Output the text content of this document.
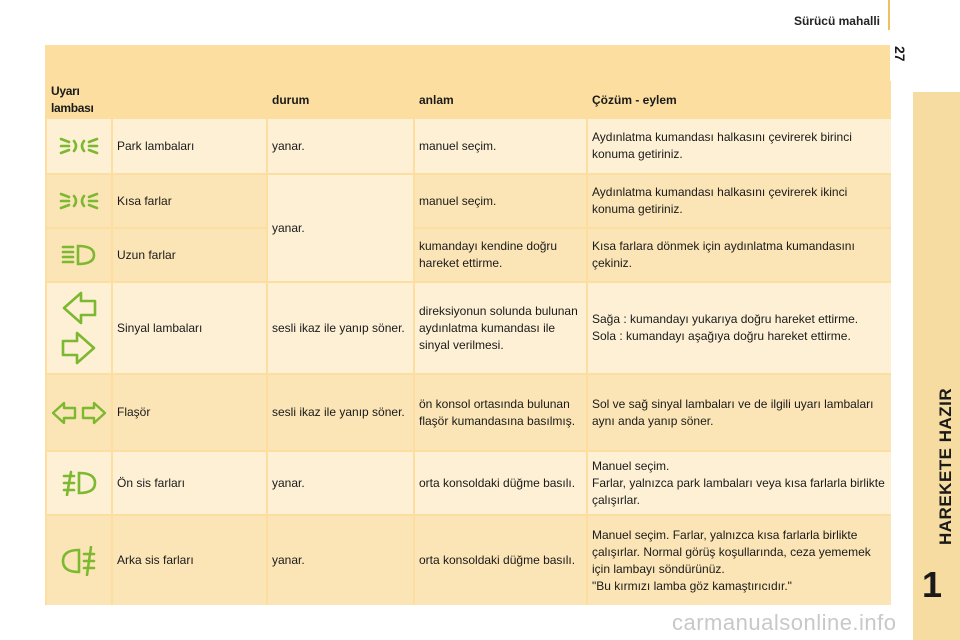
Sürücü mahalli
27
HAREKETE HAZIR
1
carmanualsonline.info
Uyarı lambası		durum	anlam	Çözüm - eylem

	Park lambaları	yanar.	manuel seçim.	Aydınlatma kumandası halkasını çevirerek birinci konuma getiriniz.

	Kısa farlar	yanar.	manuel seçim.	Aydınlatma kumandası halkasını çevirerek ikinci konuma getiriniz.

	Uzun farlar		kumandayı kendine doğru hareket ettirme.	Kısa farlara dönmek için aydınlatma kumandasını çekiniz.

	Sinyal lambaları	sesli ikaz ile yanıp söner.	direksiyonun solunda bulunan aydınlatma kumandası ile sinyal verilmesi.	Sağa : kumandayı yukarıya doğru hareket ettirme.
Sola : kumandayı aşağıya doğru hareket ettirme.

	Flaşör	sesli ikaz ile yanıp söner.	ön konsol ortasında bulunan flaşör kumandasına basılmış.	Sol ve sağ sinyal lambaları ve de ilgili uyarı lambaları aynı anda yanıp söner.

	Ön sis farları	yanar.	orta konsoldaki düğme basılı.	Manuel seçim.
Farlar, yalnızca park lambaları veya kısa farlarla birlikte çalışırlar.

	Arka sis farları	yanar.	orta konsoldaki düğme basılı.	Manuel seçim. Farlar, yalnızca kısa farlarla birlikte çalışırlar. Normal görüş koşullarında, ceza yememek için lambayı söndürünüz.
"Bu kırmızı lamba göz kamaştırıcıdır."
